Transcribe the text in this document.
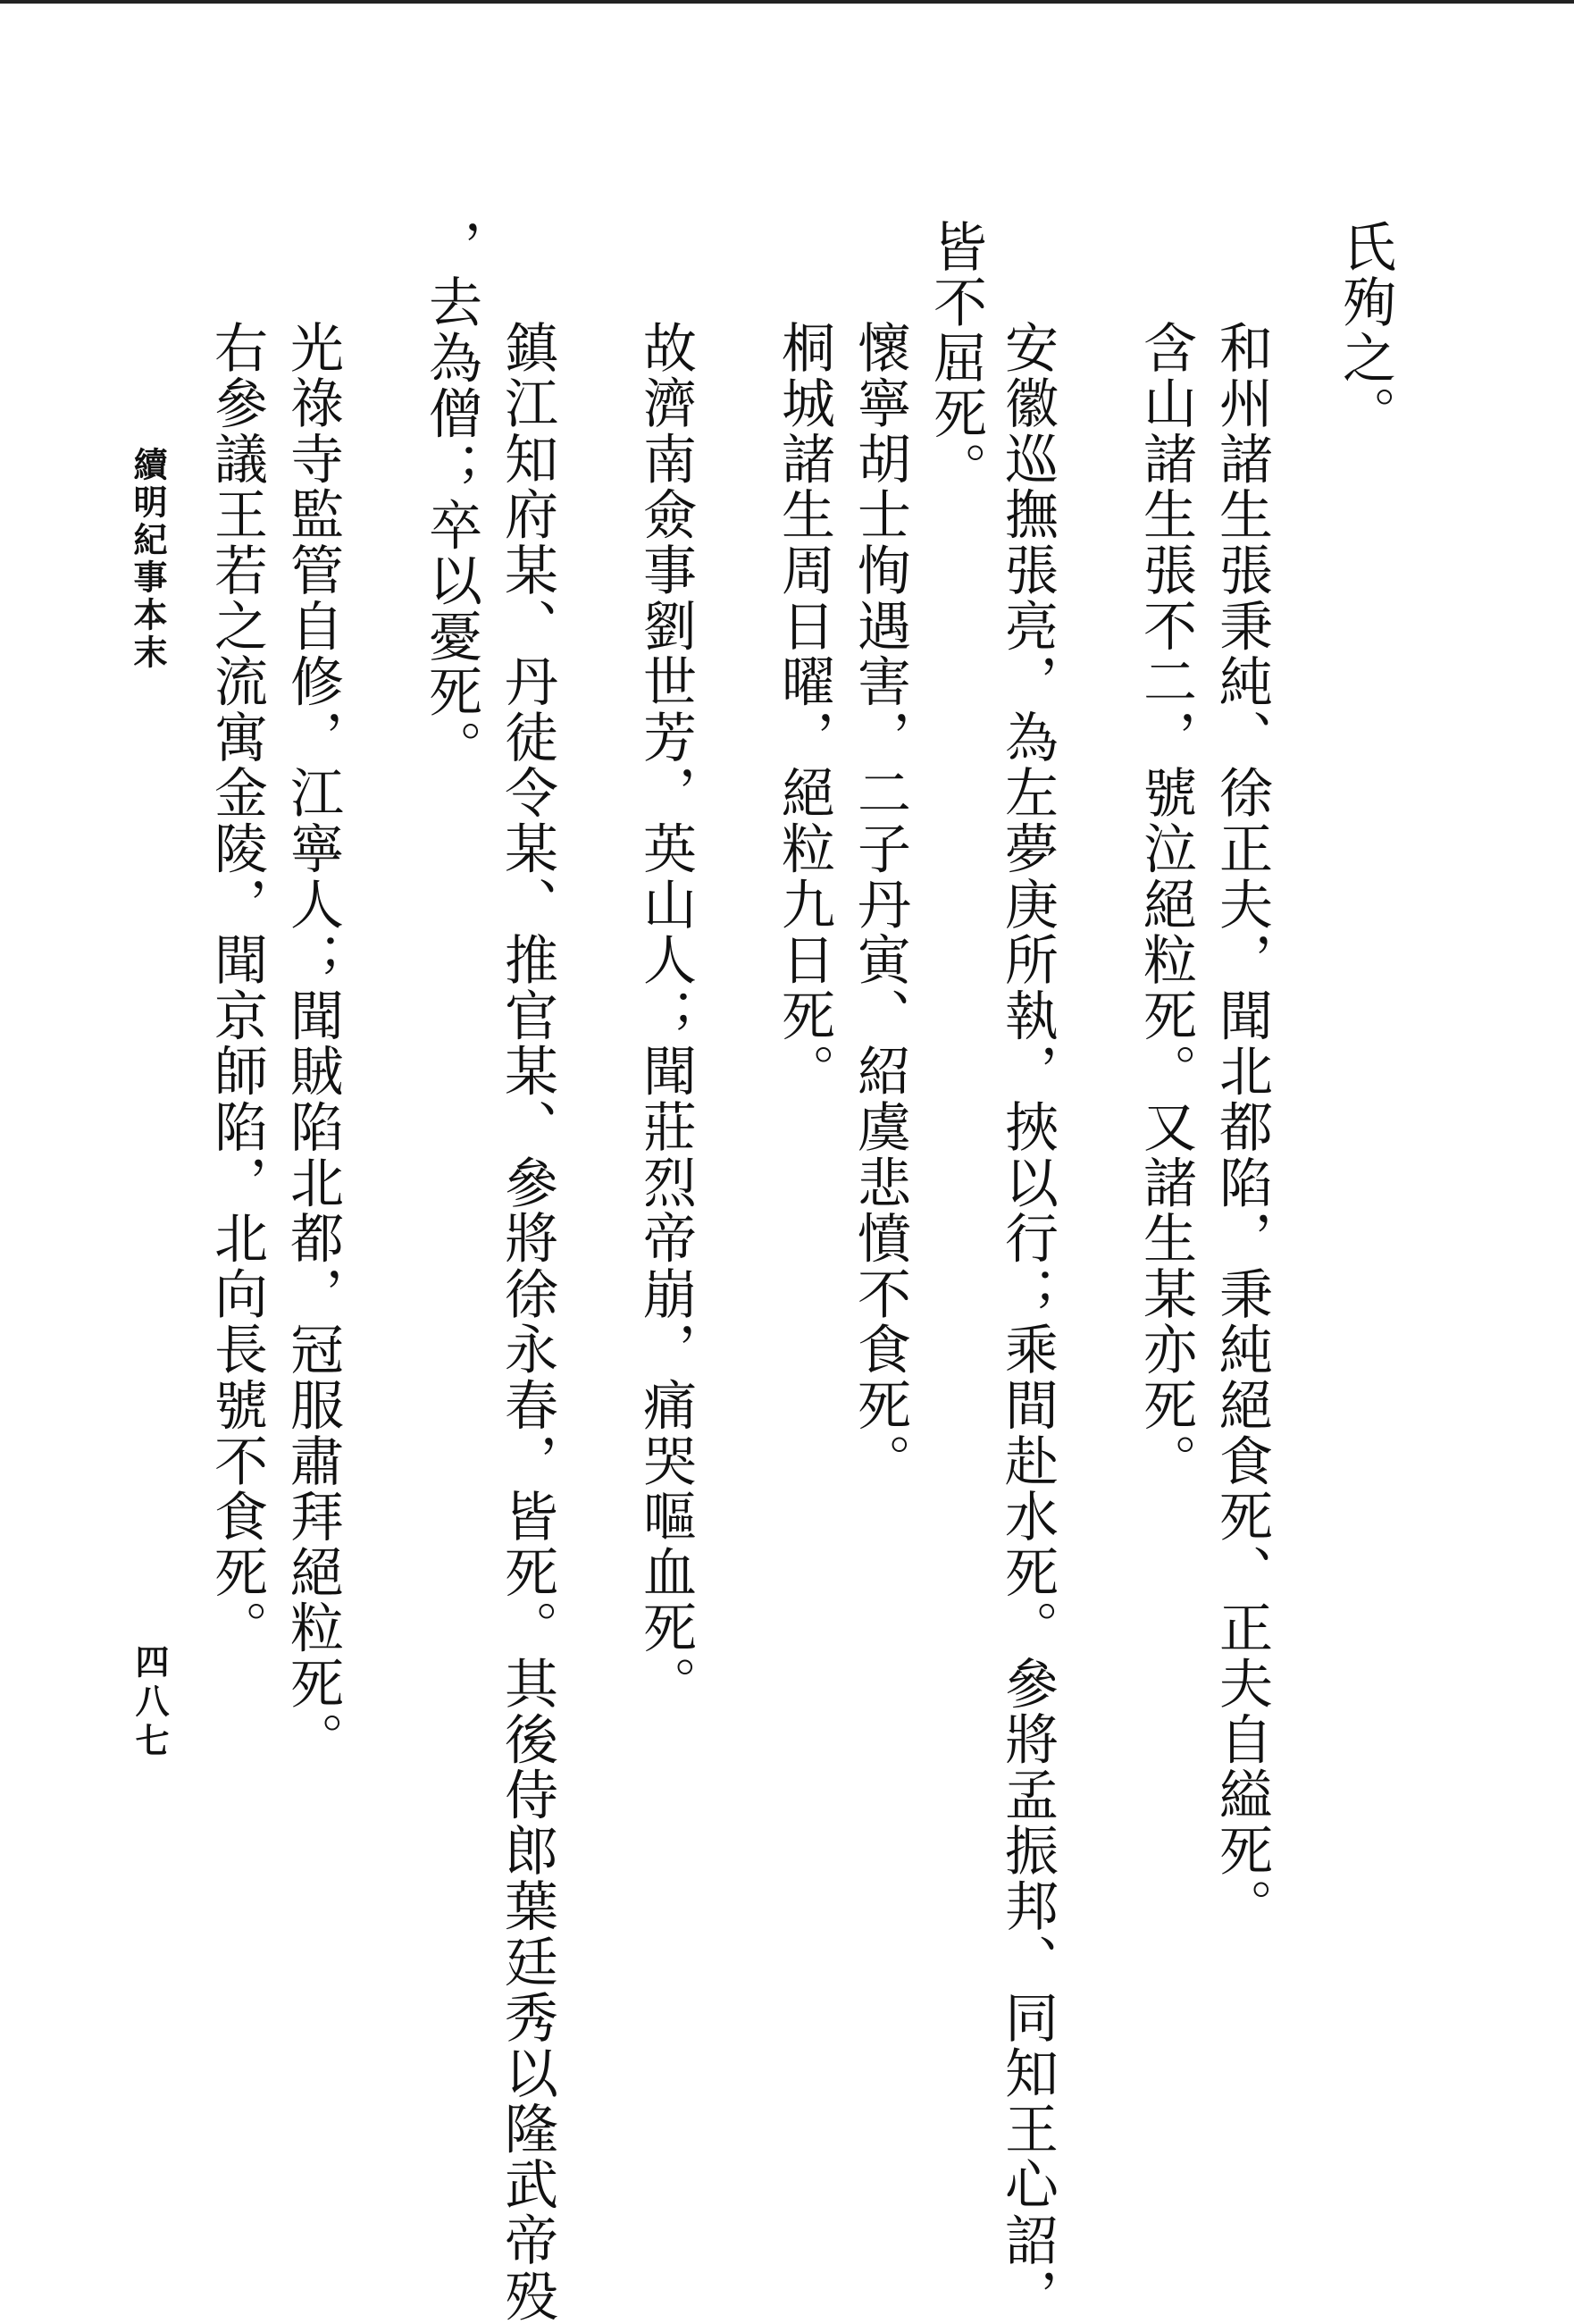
氏殉之。

和州諸生張秉純、徐正夫，聞北都陷，秉純絕食死、正夫自縊死。

含山諸生張不二，號泣絕粒死。又諸生某亦死。

安徽巡撫張亮，為左夢庚所執，挾以行；乘間赴水死。參將孟振邦、同知王心詔，

皆不屈死。

懷寧胡士恂遇害，二子丹寅、紹虞悲憤不食死。

桐城諸生周日曜，絕粒九日死。

故濟南僉事劉世芳，英山人；聞莊烈帝崩，痛哭嘔血死。

鎮江知府某、丹徒令某、推官某、參將徐永春，皆死。其後侍郎葉廷秀以隆武帝殁

，去為僧；卒以憂死。

光祿寺監管自修，江寧人；聞賊陷北都，冠服肅拜絕粒死。

右參議王若之流寓金陵，聞京師陷，北向長號不食死。

續明紀事本末
四八七
